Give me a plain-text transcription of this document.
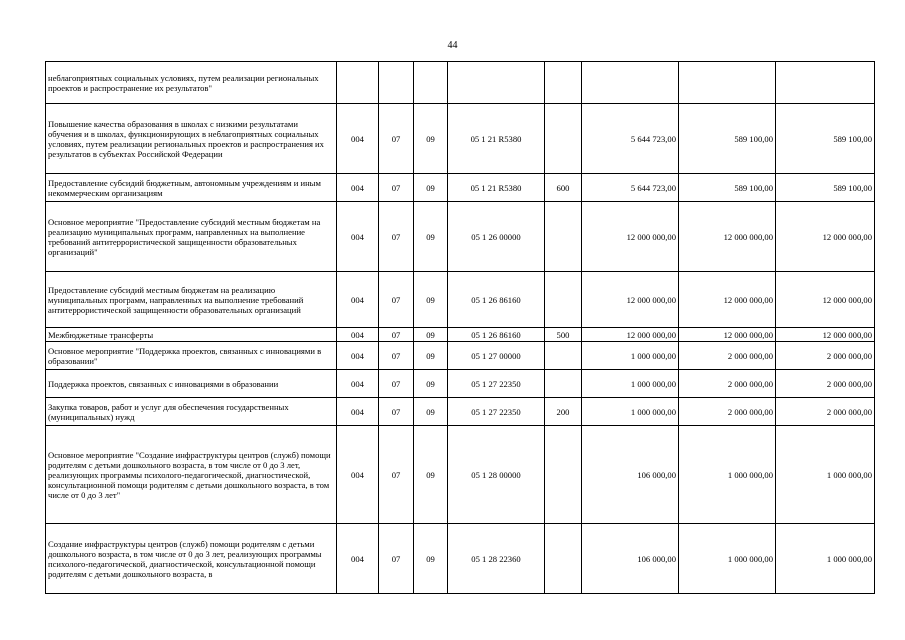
44
неблагоприятных социальных условиях, путем реализации региональных проектов и распространение их результатов"								
Повышение качества образования в школах с низкими результатами обучения и в школах, функционирующих в неблагоприятных социальных условиях, путем реализации региональных проектов и распространения их результатов в субъектах Российской Федерации	004	07	09	05 1 21 R5380		5 644 723,00	589 100,00	589 100,00
Предоставление субсидий бюджетным, автономным учреждениям и иным некоммерческим организациям	004	07	09	05 1 21 R5380	600	5 644 723,00	589 100,00	589 100,00
Основное мероприятие "Предоставление субсидий местным бюджетам на реализацию муниципальных программ, направленных на выполнение требований антитеррористической защищенности образовательных организаций"	004	07	09	05 1 26 00000		12 000 000,00	12 000 000,00	12 000 000,00
Предоставление субсидий местным бюджетам на реализацию муниципальных программ, направленных на выполнение требований антитеррористической защищенности образовательных организаций	004	07	09	05 1 26 86160		12 000 000,00	12 000 000,00	12 000 000,00
Межбюджетные трансферты	004	07	09	05 1 26 86160	500	12 000 000,00	12 000 000,00	12 000 000,00
Основное мероприятие "Поддержка проектов, связанных с инновациями в образовании"	004	07	09	05 1 27 00000		1 000 000,00	2 000 000,00	2 000 000,00
Поддержка проектов, связанных с инновациями в образовании	004	07	09	05 1 27 22350		1 000 000,00	2 000 000,00	2 000 000,00
Закупка товаров, работ и услуг для обеспечения государственных (муниципальных) нужд	004	07	09	05 1 27 22350	200	1 000 000,00	2 000 000,00	2 000 000,00
Основное мероприятие "Создание инфраструктуры центров (служб) помощи родителям с детьми дошкольного возраста, в том числе от 0 до 3 лет, реализующих программы психолого-педагогической, диагностической, консультационной помощи родителям с детьми дошкольного возраста, в том числе от 0 до 3 лет"	004	07	09	05 1 28 00000		106 000,00	1 000 000,00	1 000 000,00
Создание инфраструктуры центров (служб) помощи родителям с детьми дошкольного возраста, в том числе от 0 до 3 лет, реализующих программы психолого-педагогической, диагностической, консультационной помощи родителям с детьми дошкольного возраста, в	004	07	09	05 1 28 22360		106 000,00	1 000 000,00	1 000 000,00
